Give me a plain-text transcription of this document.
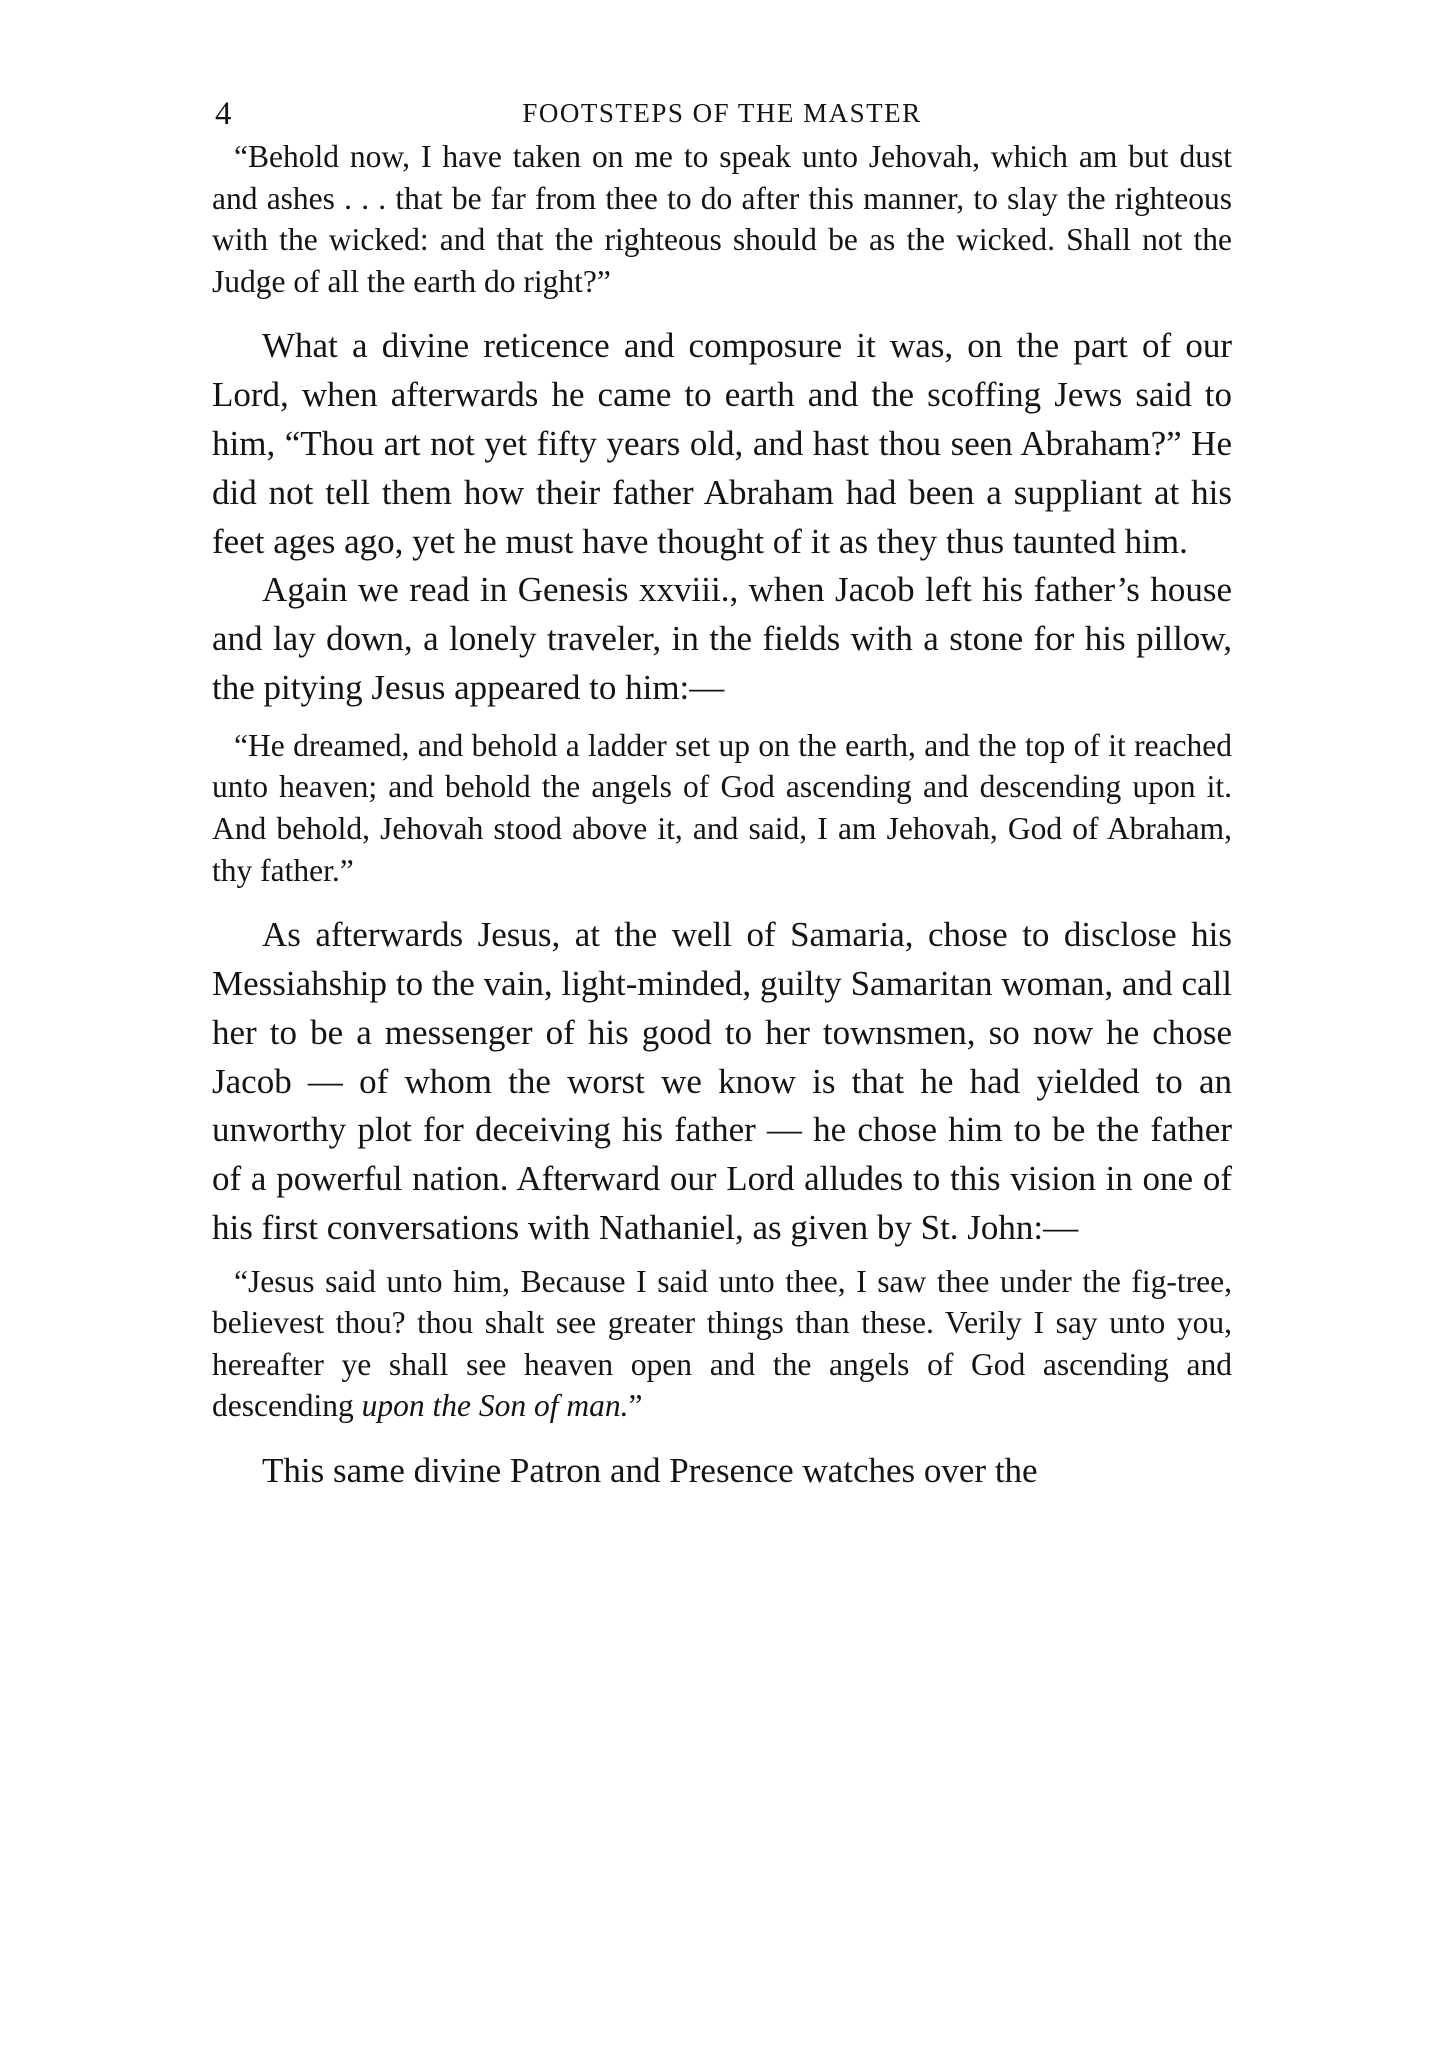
4	FOOTSTEPS OF THE MASTER

“Behold now, I have taken on me to speak unto Jehovah, which am but dust and ashes . . . that be far from thee to do after this manner, to slay the righteous with the wicked: and that the righteous should be as the wicked. Shall not the Judge of all the earth do right?”

What a divine reticence and composure it was, on the part of our Lord, when afterwards he came to earth and the scoffing Jews said to him, “Thou art not yet fifty years old, and hast thou seen Abraham?” He did not tell them how their father Abraham had been a suppliant at his feet ages ago, yet he must have thought of it as they thus taunted him.

Again we read in Genesis xxviii., when Jacob left his father’s house and lay down, a lonely traveler, in the fields with a stone for his pillow, the pitying Jesus appeared to him:—

“He dreamed, and behold a ladder set up on the earth, and the top of it reached unto heaven; and behold the angels of God ascending and descending upon it. And behold, Jehovah stood above it, and said, I am Jehovah, God of Abraham, thy father.”

As afterwards Jesus, at the well of Samaria, chose to disclose his Messiahship to the vain, light-minded, guilty Samaritan woman, and call her to be a messenger of his good to her townsmen, so now he chose Jacob — of whom the worst we know is that he had yielded to an unworthy plot for deceiving his father — he chose him to be the father of a powerful nation. Afterward our Lord alludes to this vision in one of his first conversations with Nathaniel, as given by St. John:—

“Jesus said unto him, Because I said unto thee, I saw thee under the fig-tree, believest thou? thou shalt see greater things than these. Verily I say unto you, hereafter ye shall see heaven open and the angels of God ascending and descending upon the Son of man.”

This same divine Patron and Presence watches over the
